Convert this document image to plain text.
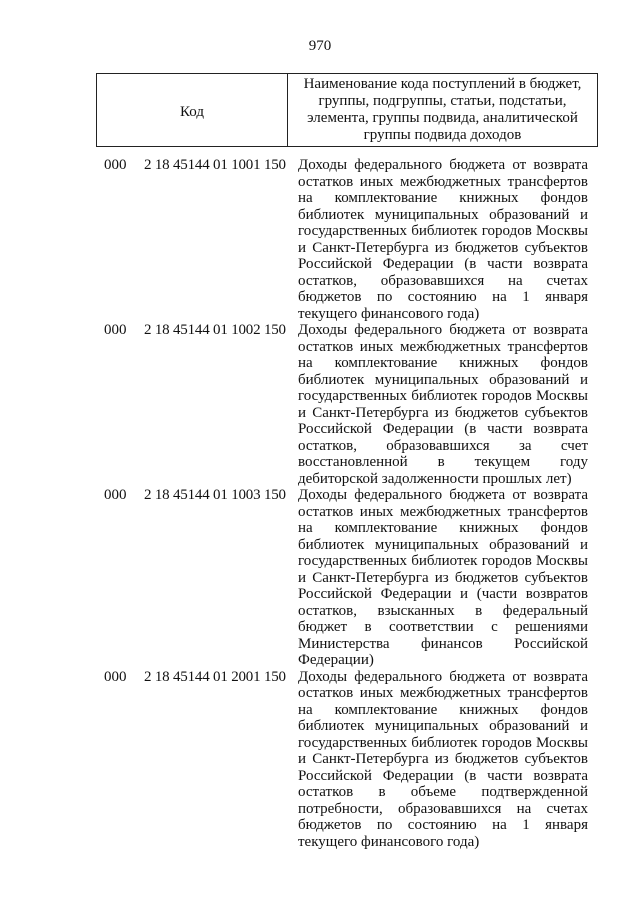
970
Код
Наименование кода поступлений в бюджет, группы, подгруппы, статьи, подстатьи, элемента, группы подвида, аналитической группы подвида доходов
000 2 18 45144 01 1001 150 Доходы федерального бюджета от возврата остатков иных межбюджетных трансфертов на комплектование книжных фондов библиотек муниципальных образований и государственных библиотек городов Москвы и Санкт-Петербурга из бюджетов субъектов Российской Федерации (в части возврата остатков, образовавшихся на счетах бюджетов по состоянию на 1 января текущего финансового года)
000 2 18 45144 01 1002 150 Доходы федерального бюджета от возврата остатков иных межбюджетных трансфертов на комплектование книжных фондов библиотек муниципальных образований и государственных библиотек городов Москвы и Санкт-Петербурга из бюджетов субъектов Российской Федерации (в части возврата остатков, образовавшихся за счет восстановленной в текущем году дебиторской задолженности прошлых лет)
000 2 18 45144 01 1003 150 Доходы федерального бюджета от возврата остатков иных межбюджетных трансфертов на комплектование книжных фондов библиотек муниципальных образований и государственных библиотек городов Москвы и Санкт-Петербурга из бюджетов субъектов Российской Федерации и (части возвратов остатков, взысканных в федеральный бюджет в соответствии с решениями Министерства финансов Российской Федерации)
000 2 18 45144 01 2001 150 Доходы федерального бюджета от возврата остатков иных межбюджетных трансфертов на комплектование книжных фондов библиотек муниципальных образований и государственных библиотек городов Москвы и Санкт-Петербурга из бюджетов субъектов Российской Федерации (в части возврата остатков в объеме подтвержденной потребности, образовавшихся на счетах бюджетов по состоянию на 1 января текущего финансового года)
